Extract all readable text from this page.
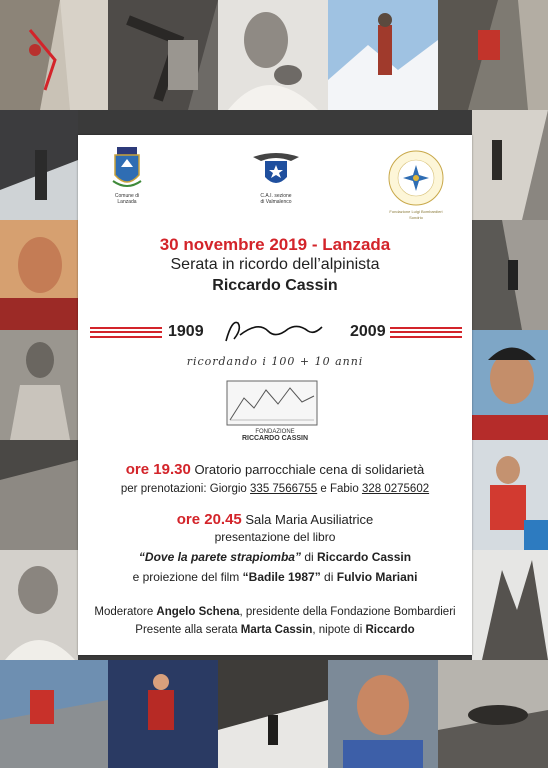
Comune di
Lanzada
C.A.I. sezione
di Valmalenco
Fondazione Luigi Bombardieri
Sondrio
30 novembre 2019 - Lanzada
Serata in ricordo dell’alpinista
Riccardo Cassin
1909	2009
ricordando i 100 + 10 anni
FONDAZIONE
RICCARDO CASSIN
ore 19.30 Oratorio parrocchiale cena di solidarietà
per prenotazioni: Giorgio 335 7566755 e Fabio 328 0275602
ore 20.45 Sala Maria Ausiliatrice
presentazione del libro
“Dove la parete strapiomba” di Riccardo Cassin
e proiezione del film “Badile 1987” di Fulvio Mariani
Moderatore Angelo Schena, presidente della Fondazione Bombardieri
Presente alla serata Marta Cassin, nipote di Riccardo
